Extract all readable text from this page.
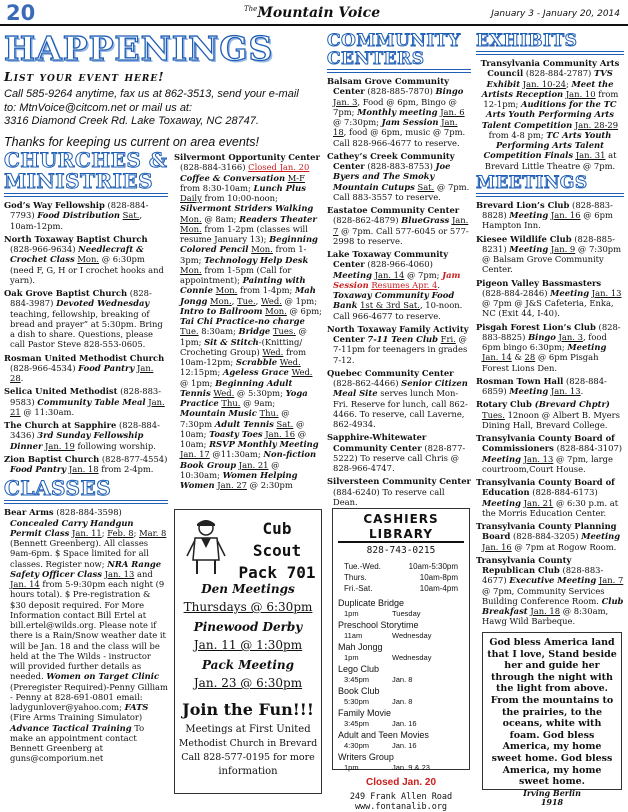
20	$^{The}$Mountain Voice	January 3 - January 20, 2014
HAPPENINGS
List your event here!
Call 585-9264 anytime, fax us at 862-3513, send your e-mail
to: MtnVoice@citcom.net or mail us at:
3316 Diamond Creek Rd. Lake Toxaway, NC 28747.
Thanks for keeping us current on area events!
CHURCHES & MINISTRIES

God’s Way Fellowship (828-884-7793) Food Distribution Sat., 10am-12pm.

North Toxaway Baptist Church (828-966-9634) Needlecraft & Crochet Class Mon. @ 6:30pm (need F, G, H or I crochet hooks and yarn).

Oak Grove Baptist Church (828-884-3987) Devoted Wednesday teaching, fellowship, breaking of bread and prayer” at 5:30pm. Bring a dish to share. Questions, please call Pastor Steve 828-553-0605.

Rosman United Methodist Church (828-966-4534) Food Pantry Jan. 28.

Selica United Methodist (828-883-9583) Community Table Meal Jan. 21 @ 11:30am.

The Church at Sapphire (828-884-3436) 3rd Sunday Fellowship Dinner Jan. 19 following worship.

Zion Baptist Church (828-877-4554) Food Pantry Jan. 18 from 2-4pm.

CLASSES

Bear Arms (828-884-3598) Concealed Carry Handgun Permit Class Jan. 11; Feb. 8; Mar. 8 (Bennett Greenberg). All classes 9am-6pm. $ Space limited for all classes. Register now; NRA Range Safety Officer Class Jan. 13 and Jan. 14 from 5-9:30pm each night (9 hours total). $ Pre-registration & $30 deposit required. For More Information contact Bill Ertel at bill.ertel@wilds.org. Please note if there is a Rain/Snow weather date it will be Jan. 18 and the class will be held at the The Wilds - instructor will provided further details as needed. Women on Target Clinic (Preregister Required)-Penny Gilliam - Penny at 828-691-0801 email: ladygunlover@yahoo.com; FATS (Fire Arms Training Simulator) Advance Tactical Training To make an appointment contact Bennett Greenberg at guns@comporium.net

Silvermont Opportunity Center (828-884-3166) Closed Jan. 20 Coffee & Conversation M-F from 8:30-10am; Lunch Plus Daily from 10:00-noon; Silvermont Striders Walking Mon. @ 8am; Readers Theater Mon. from 1-2pm (classes will resume January 13); Beginning Colored Pencil Mon. from 1-3pm; Technology Help Desk Mon. from 1-5pm (Call for appointment); Painting with Connie Mon. from 1-4pm; Mah Jongg Mon., Tue., Wed. @ 1pm; Intro to Ballroom Mon. @ 6pm; Tai Chi Practice-no charge Tue. 8:30am; Bridge Tues. @ 1pm; Sit & Stitch-(Knitting/ Crocheting Group) Wed. from 10am-12pm; Scrabble Wed. 12:15pm; Ageless Grace Wed. @ 1pm; Beginning Adult Tennis Wed. @ 5:30pm; Yoga Practice Thu. @ 9am; Mountain Music Thu. @ 7:30pm Adult Tennis Sat. @ 10am; Toasty Toes Jan. 16 @ 10am; RSVP Monthly Meeting Jan. 17 @11:30am; Non-fiction Book Group Jan. 21 @ 10:30am; Women Helping Women Jan. 27 @ 2:30pm

Cub Scout Pack 701
Den Meetings
Thursdays @ 6:30pm
Pinewood Derby
Jan. 11 @ 1:30pm
Pack Meeting
Jan. 23 @ 6:30pm
Join the Fun!!!
Meetings at First United
Methodist Church in Brevard
Call 828-577-0195 for more
information
COMMUNITY CENTERS

Balsam Grove Community Center (828-885-7870) Bingo Jan. 3, Food @ 6pm, Bingo @ 7pm; Monthly meeting Jan. 6 @ 7:30pm; Jam Session Jan. 18, food @ 6pm, music @ 7pm. Call 828-966-4677 to reserve.

Cathey’s Creek Community Center (828-883-8753) Joe Byers and The Smoky Mountain Cutups Sat. @ 7pm. Call 883-3557 to reserve.

Eastatoe Community Center (828-862-4879) BlueGrass Jan. 7 @ 7pm. Call 577-6045 or 577-2998 to reserve.

Lake Toxaway Community Center (828-966-4060) Meeting Jan. 14 @ 7pm; Jam Session Resumes Apr. 4. Toxaway Community Food Bank 1st & 3rd Sat., 10-noon. Call 966-4677 to reserve.

North Toxaway Family Activity Center 7-11 Teen Club Fri. @ 7-11pm for teenagers in grades 7-12.

Quebec Community Center (828-862-4466) Senior Citizen Meal Site serves lunch Mon-Fri. Reserve for lunch, call 862-4466. To reserve, call Laverne, 862-4934.

Sapphire-Whitewater Community Center (828-877-5222) To reserve call Chris @ 828-966-4747.

Silversteen Community Center (884-6240) To reserve call Dean.

CASHIERS LIBRARY
828-743-0215
Tue.-Wed.	10am-5:30pm
Thurs.	10am-8pm
Fri.-Sat.	10am-4pm
Duplicate Bridge
1pm	Tuesday
Preschool Storytime
11am	Wednesday
Mah Jongg
1pm	Wednesday
Lego Club
3:45pm	Jan. 8
Book Club
5:30pm	Jan. 8
Family Movie
3:45pm	Jan. 16
Adult and Teen Movies
4:30pm	Jan. 16
Writers Group
1pm	Jan. 9 & 23
Closed Jan. 20
249 Frank Allen Road
www.fontanalib.org
EXHIBITS

Transylvania Community Arts Council (828-884-2787) TVS Exhibit Jan. 10-24; Meet the Artists Reception Jan. 10 from 12-1pm; Auditions for the TC Arts Youth Performing Arts Talent Competition Jan. 28-29 from 4-8 pm; TC Arts Youth Performing Arts Talent Competition Finals Jan. 31 at Brevard Little Theatre @ 7pm.

MEETINGS

Brevard Lion’s Club (828-883-8828) Meeting Jan. 16 @ 6pm Hampton Inn.

Kiesee Wildlife Club (828-885-8231) Meeting Jan. 9 @ 7:30pm @ Balsam Grove Community Center.

Pigeon Valley Bassmasters (828-884-2846) Meeting Jan. 13 @ 7pm @ J&S Cafeteria, Enka, NC (Exit 44, I-40).

Pisgah Forest Lion’s Club (828-883-8825) Bingo Jan. 3, food 6pm bingo 6:30pm; Meeting Jan. 14 & 28 @ 6pm Pisgah Forest Lions Den.

Rosman Town Hall (828-884-6859) Meeting Jan. 13.

Rotary Club (Brevard Chptr) Tues. 12noon @ Albert B. Myers Dining Hall, Brevard College.

Transylvania County Board of Commissioners (828-884-3107) Meeting Jan. 13 @ 7pm, large courtroom,Court House.

Transylvania County Board of Education (828-884-6173) Meeting Jan. 21 @ 6:30 p.m. at the Morris Education Center.

Transylvania County Planning Board (828-884-3205) Meeting Jan. 16 @ 7pm at Rogow Room.

Transylvania County Republican Club (828-883-4677) Executive Meeting Jan. 7 @ 7pm, Community Services Building Conference Room. Club Breakfast Jan. 18 @ 8:30am, Hawg Wild Barbeque.

God bless America land that I love, Stand beside her and guide her through the night with the light from above. From the mountains to the prairies, to the oceans, white with foam. God bless America, my home sweet home. God bless America, my home sweet home.
Irving Berlin
1918
